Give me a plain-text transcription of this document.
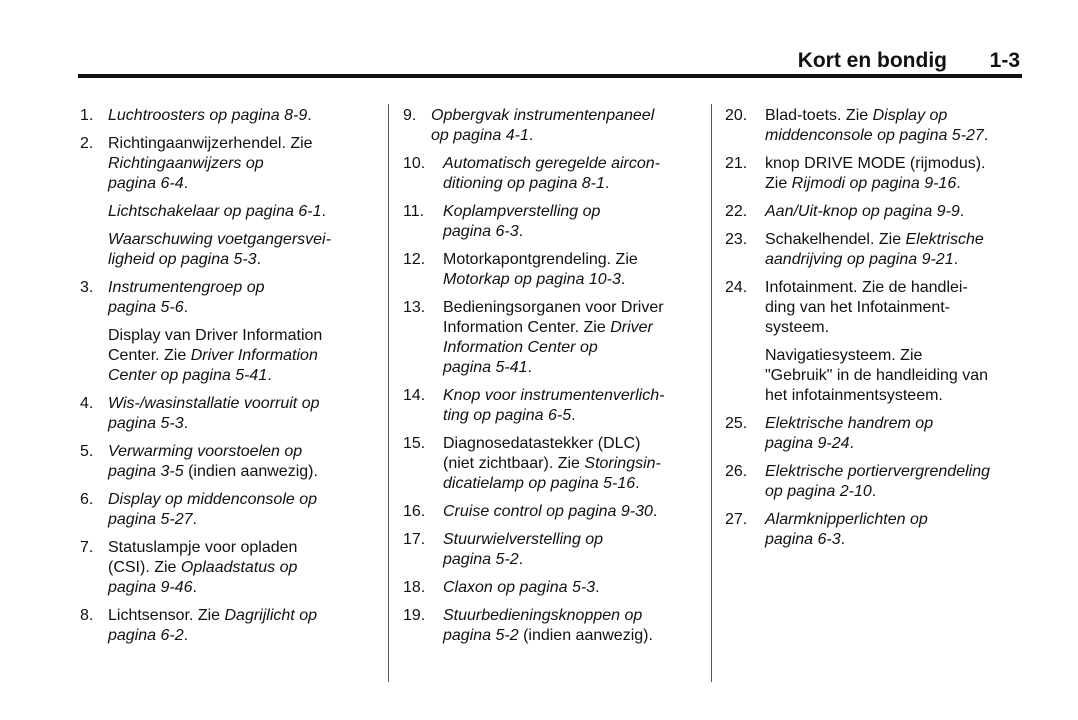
Kort en bondig 1-3
1. Luchtroosters op pagina 8-9.
2. Richtingaanwijzerhendel. Zie
Richtingaanwijzers op
pagina 6-4.
Lichtschakelaar op pagina 6-1.
Waarschuwing voetgangersvei-
ligheid op pagina 5-3.
3. Instrumentengroep op
pagina 5-6.
Display van Driver Information
Center. Zie Driver Information
Center op pagina 5-41.
4. Wis-/wasinstallatie voorruit op
pagina 5-3.
5. Verwarming voorstoelen op
pagina 3-5 (indien aanwezig).
6. Display op middenconsole op
pagina 5-27.
7. Statuslampje voor opladen
(CSI). Zie Oplaadstatus op
pagina 9-46.
8. Lichtsensor. Zie Dagrijlicht op
pagina 6-2.
9. Opbergvak instrumentenpaneel
op pagina 4-1.
10. Automatisch geregelde aircon-
ditioning op pagina 8-1.
11. Koplampverstelling op
pagina 6-3.
12. Motorkapontgrendeling. Zie
Motorkap op pagina 10-3.
13. Bedieningsorganen voor Driver
Information Center. Zie Driver
Information Center op
pagina 5-41.
14. Knop voor instrumentenverlich-
ting op pagina 6-5.
15. Diagnosedatastekker (DLC)
(niet zichtbaar). Zie Storingsin-
dicatielamp op pagina 5-16.
16. Cruise control op pagina 9-30.
17. Stuurwielverstelling op
pagina 5-2.
18. Claxon op pagina 5-3.
19. Stuurbedieningsknoppen op
pagina 5-2 (indien aanwezig).
20. Blad-toets. Zie Display op
middenconsole op pagina 5-27.
21. knop DRIVE MODE (rijmodus).
Zie Rijmodi op pagina 9-16.
22. Aan/Uit-knop op pagina 9-9.
23. Schakelhendel. Zie Elektrische
aandrijving op pagina 9-21.
24. Infotainment. Zie de handlei-
ding van het Infotainment-
systeem.
Navigatiesysteem. Zie
"Gebruik" in de handleiding van
het infotainmentsysteem.
25. Elektrische handrem op
pagina 9-24.
26. Elektrische portiervergrendeling
op pagina 2-10.
27. Alarmknipperlichten op
pagina 6-3.
